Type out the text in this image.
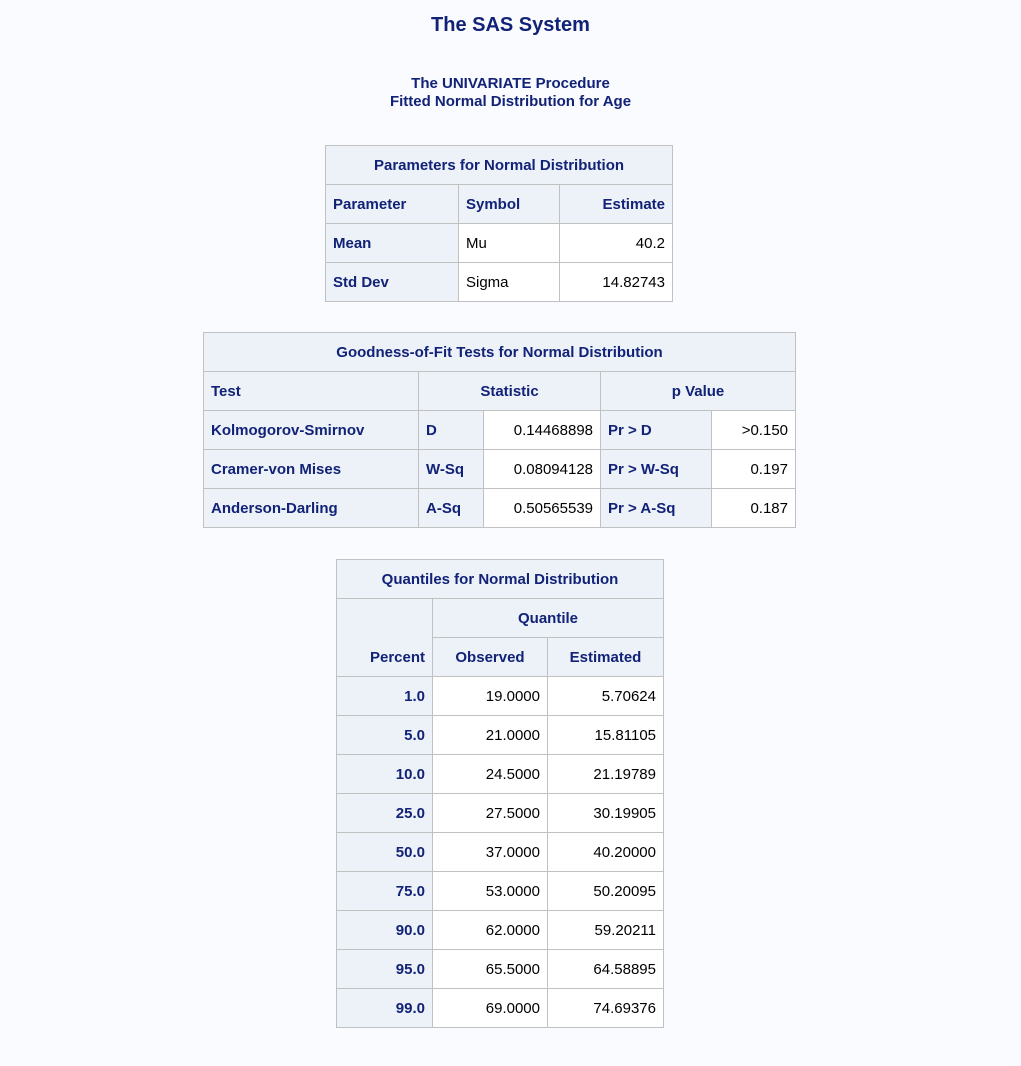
The SAS System
The UNIVARIATE Procedure
Fitted Normal Distribution for Age
Parameters for Normal Distribution		
Parameter	Symbol	Estimate
Mean	Mu	40.2
Std Dev	Sigma	14.82743
Goodness-of-Fit Tests for Normal Distribution				
Test	Statistic		p Value	
Kolmogorov-Smirnov	D	0.14468898	Pr > D	>0.150
Cramer-von Mises	W-Sq	0.08094128	Pr > W-Sq	0.197
Anderson-Darling	A-Sq	0.50565539	Pr > A-Sq	0.187
Quantiles for Normal Distribution		
Percent	Quantile	
	Observed	Estimated
1.0	19.0000	5.70624
5.0	21.0000	15.81105
10.0	24.5000	21.19789
25.0	27.5000	30.19905
50.0	37.0000	40.20000
75.0	53.0000	50.20095
90.0	62.0000	59.20211
95.0	65.5000	64.58895
99.0	69.0000	74.69376
